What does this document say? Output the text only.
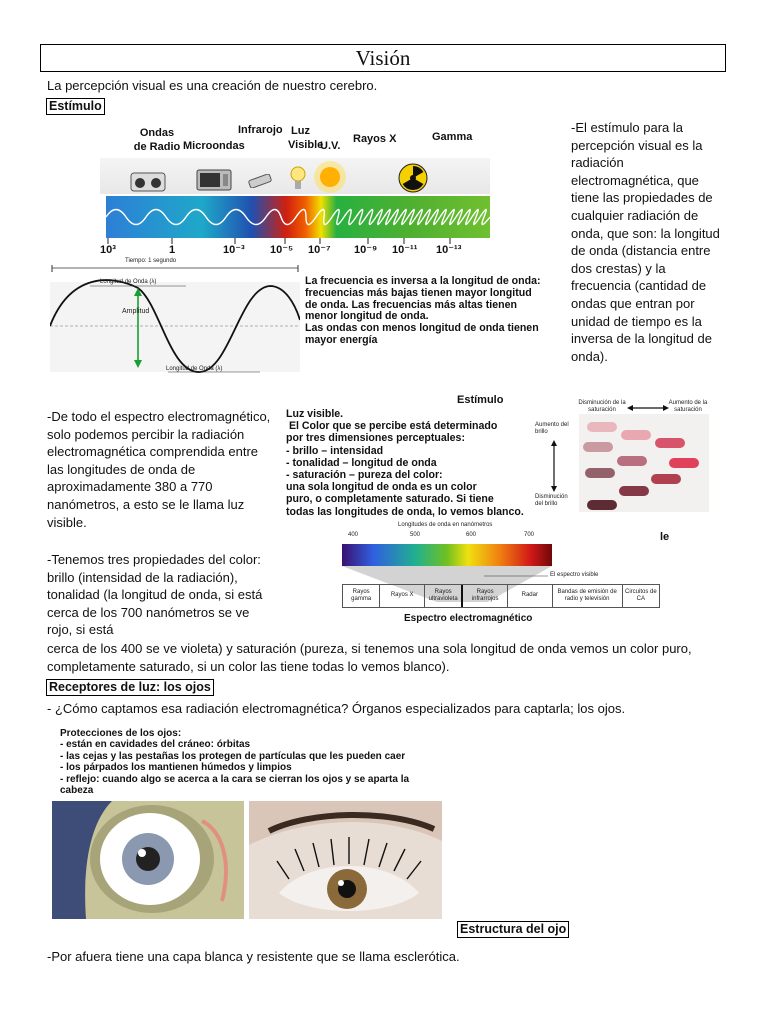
Visión
La percepción visual es una creación de nuestro cerebro.
Estímulo
Ondas
de Radio Microondas
Infrarojo Luz
Visible
U.V.
Rayos X	Gamma
10³	1	10⁻³ 10⁻⁵ 10⁻⁷ 10⁻⁹ 10⁻¹¹ 10⁻¹³
Tiempo: 1 segundo
Longitud de Onda (λ)
Amplitud
Longitud de Onda (λ)
La frecuencia es inversa a la longitud de onda:
frecuencias más bajas tienen mayor longitud
de onda. Las frecuencias más altas tienen
menor longitud de onda.
Las ondas con menos longitud de onda tienen
mayor energía
-El estímulo para la percepción visual es la radiación electromagnética, que tiene las propiedades de cualquier radiación de onda, que son: la longitud de onda (distancia entre dos crestas) y la frecuencia (cantidad de ondas que entran por unidad de tiempo es la inversa de la longitud de onda).
-De todo el espectro electromagnético, solo podemos percibir la radiación electromagnética comprendida entre las longitudes de onda de aproximadamente 380 a 770 nanómetros, a esto se le llama luz visible.
-Tenemos tres propiedades del color: brillo (intensidad de la radiación), tonalidad (la longitud de onda, si está cerca de los 700 nanómetros se ve rojo, si está
cerca de los 400 se ve violeta) y saturación (pureza, si tenemos una sola longitud de onda vemos un color puro, completamente saturado, si un color las tiene todas lo vemos blanco).
Estímulo
Luz visible.
El Color que se percibe está determinado
por tres dimensiones perceptuales:
- brillo – intensidad
- tonalidad – longitud de onda
- saturación – pureza del color:
una sola longitud de onda es un color
puro, o completamente saturado. Si tiene
todas las longitudes de onda, lo vemos blanco.
Disminución de la saturación
Aumento de la saturación
Aumento del brillo
Disminución del brillo
le
Longitudes de onda en nanómetros
400	500	600	700
El espectro visible
Rayos gamma
Rayos X	Rayos ultravioleta
Rayos infrarrojos
Radar	Bandas de emisión de radio y televisión
Circuitos de CA
Espectro electromagnético
Receptores de luz: los ojos
- ¿Cómo captamos esa radiación electromagnética? Órganos especializados para captarla; los ojos.
Protecciones de los ojos:
- están en cavidades del cráneo: órbitas
- las cejas y las pestañas los protegen de partículas que les pueden caer
- los párpados los mantienen húmedos y limpios
- reflejo: cuando algo se acerca a la cara se cierran los ojos y se aparta la
cabeza
Estructura del ojo
-Por afuera tiene una capa blanca y resistente que se llama esclerótica.
